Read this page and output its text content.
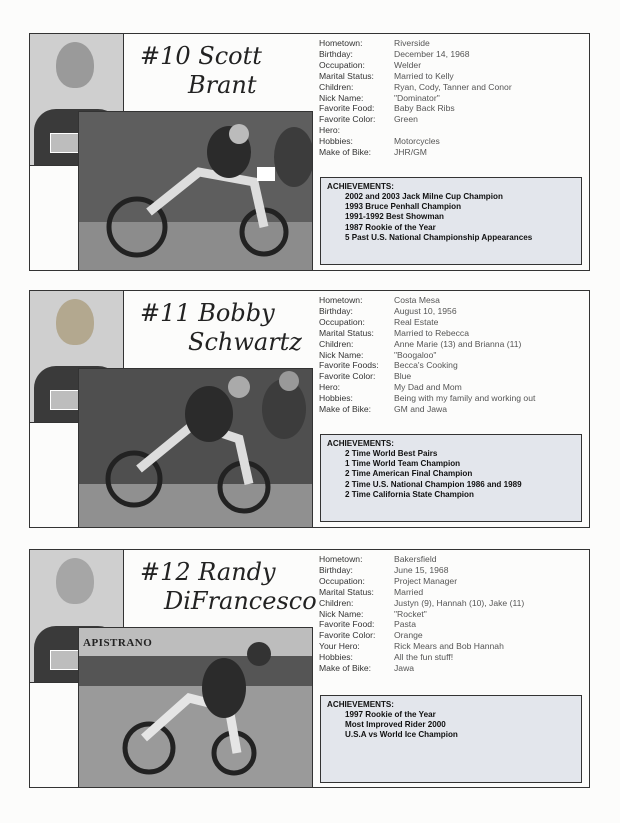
#10 Scott
Brant
Hometown:	Riverside
Birthday:	December 14, 1968
Occupation:	Welder
Marital Status:	Married to Kelly
Children:	Ryan, Cody, Tanner and Conor
Nick Name:	"Dominator"
Favorite Food:	Baby Back Ribs
Favorite Color:	Green
Hero:
Hobbies:	Motorcycles
Make of Bike:	JHR/GM
ACHIEVEMENTS:
2002 and 2003 Jack Milne Cup Champion
1993 Bruce Penhall Champion
1991-1992 Best Showman
1987 Rookie of the Year
5 Past U.S. National Championship Appearances
#11 Bobby
Schwartz
Hometown:	Costa Mesa
Birthday:	August 10, 1956
Occupation:	Real Estate
Marital Status:	Married to Rebecca
Children:	Anne Marie (13) and Brianna (11)
Nick Name:	"Boogaloo"
Favorite Foods:	Becca's Cooking
Favorite Color:	Blue
Hero:	My Dad and Mom
Hobbies:	Being with my family and working out
Make of Bike:	GM and Jawa
ACHIEVEMENTS:
2 Time World Best Pairs
1 Time World Team Champion
2 Time American Final Champion
2 Time U.S. National Champion 1986 and 1989
2 Time California State Champion
APISTRANO
#12 Randy
DiFrancesco
Hometown:	Bakersfield
Birthday:	June 15, 1968
Occupation:	Project Manager
Marital Status:	Married
Children:	Justyn (9), Hannah (10), Jake (11)
Nick Name:	"Rocket"
Favorite Food:	Pasta
Favorite Color:	Orange
Your Hero:	Rick Mears and Bob Hannah
Hobbies:	All the fun stuff!
Make of Bike:	Jawa
ACHIEVEMENTS:
1997 Rookie of the Year
Most Improved Rider 2000
U.S.A vs World Ice Champion
